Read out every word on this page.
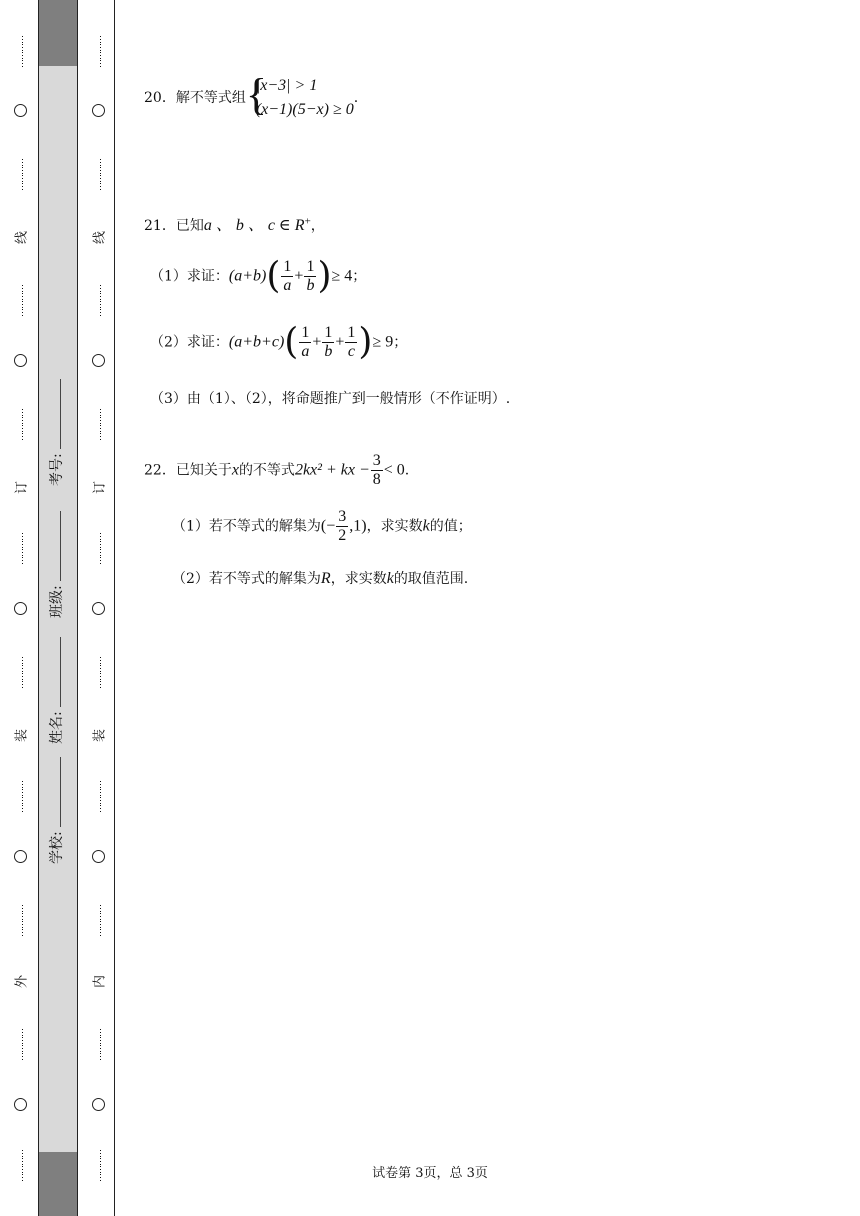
⋯⋯⋯⋯
⋯⋯⋯⋯
线
⋯⋯⋯⋯
⋯⋯⋯⋯
订
⋯⋯⋯⋯
⋯⋯⋯⋯
装
⋯⋯⋯⋯
⋯⋯⋯⋯
外
⋯⋯⋯⋯
⋯⋯⋯⋯
考号:
班级:
姓名:
学校:
⋯⋯⋯⋯
⋯⋯⋯⋯
线
⋯⋯⋯⋯
⋯⋯⋯⋯
订
⋯⋯⋯⋯
⋯⋯⋯⋯
装
⋯⋯⋯⋯
⋯⋯⋯⋯
内
⋯⋯⋯⋯
⋯⋯⋯⋯
20．解不等式组 {
|x−3| > 1
(x−1)(5−x) ≥ 0
.
21．已知a 、 b 、 c ∈ R+，
（1）求证：$(a+b)( \frac{1}{a} + \frac{1}{b}$ )≥ 4；
（2）求证：$(a+b+c)( \frac{1}{a} + \frac{1}{b} + \frac{1}{c}$ )≥ 9；
（3）由（1）、（2），将命题推广到一般情形（不作证明）.
22．已知关于x的不等式2kx² + kx − $\frac{3}{8} < 0$.
（1）若不等式的解集为(− $\frac{3}{2} ,1$)，求实数k的值；
（2）若不等式的解集为R，求实数k的取值范围.
试卷第 3页，总 3页
